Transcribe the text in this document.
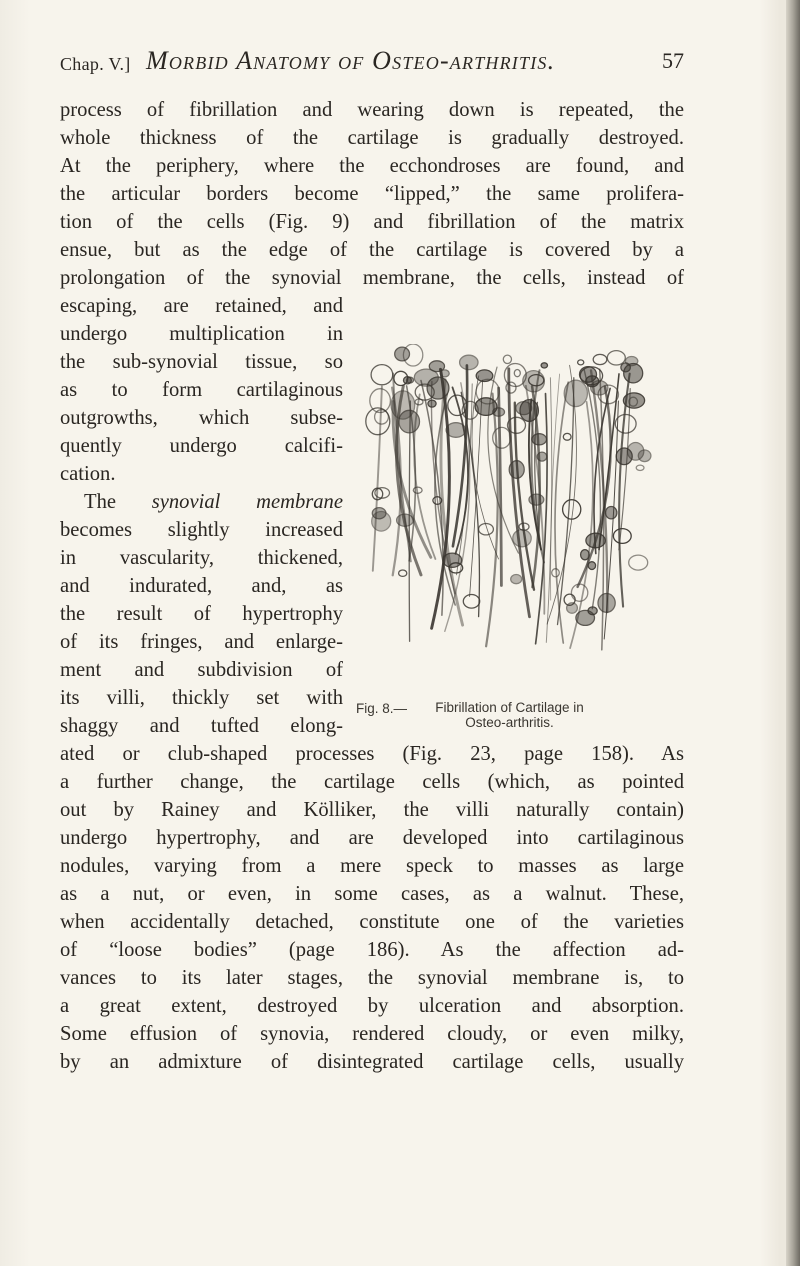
Chap. V.] Morbid Anatomy of Osteo-arthritis.	57
process of fibrillation and wearing down is repeated, the
whole thickness of the cartilage is gradually destroyed.
At the periphery, where the ecchondroses are found, and
the articular borders become “lipped,” the same prolifera-
tion of the cells (Fig. 9) and fibrillation of the matrix
ensue, but as the edge of the cartilage is covered by a
prolongation of the synovial membrane, the cells, instead of
escaping, are retained, and
undergo multiplication in
the sub-synovial tissue, so
as to form cartilaginous
outgrowths, which subse-
quently undergo calcifi-
cation.
The synovial membrane
becomes slightly increased
in vascularity, thickened,
and indurated, and, as
the result of hypertrophy
of its fringes, and enlarge-
ment and subdivision of
its villi, thickly set with
shaggy and tufted elong-
ated or club-shaped processes (Fig. 23, page 158). As
a further change, the cartilage cells (which, as pointed
out by Rainey and Kölliker, the villi naturally contain)
undergo hypertrophy, and are developed into cartilaginous
nodules, varying from a mere speck to masses as large
as a nut, or even, in some cases, as a walnut. These,
when accidentally detached, constitute one of the varieties
of “loose bodies” (page 186). As the affection ad-
vances to its later stages, the synovial membrane is, to
a great extent, destroyed by ulceration and absorption.
Some effusion of synovia, rendered cloudy, or even milky,
by an admixture of disintegrated cartilage cells, usually
Fig. 8.— Fibrillation of Cartilage in
Osteo-arthritis.
